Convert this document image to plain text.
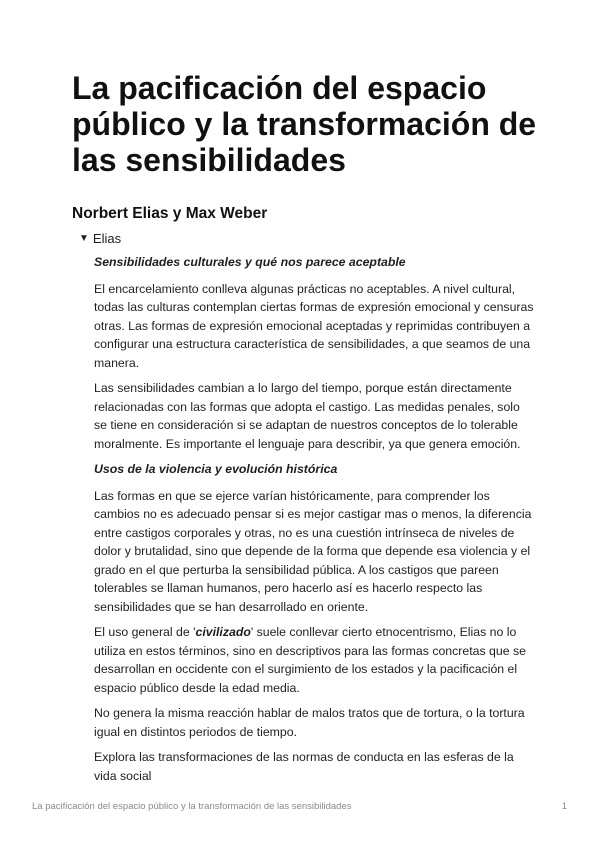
La pacificación del espacio público y la transformación de las sensibilidades
Norbert Elias y Max Weber
▼ Elias
Sensibilidades culturales y qué nos parece aceptable

El encarcelamiento conlleva algunas prácticas no aceptables. A nivel cultural, todas las culturas contemplan ciertas formas de expresión emocional y censuras otras. Las formas de expresión emocional aceptadas y reprimidas contribuyen a configurar una estructura característica de sensibilidades, a que seamos de una manera.

Las sensibilidades cambian a lo largo del tiempo, porque están directamente relacionadas con las formas que adopta el castigo. Las medidas penales, solo se tiene en consideración si se adaptan de nuestros conceptos de lo tolerable moralmente. Es importante el lenguaje para describir, ya que genera emoción.

Usos de la violencia y evolución histórica

Las formas en que se ejerce varían históricamente, para comprender los cambios no es adecuado pensar si es mejor castigar mas o menos, la diferencia entre castigos corporales y otras, no es una cuestión intrínseca de niveles de dolor y brutalidad, sino que depende de la forma que depende esa violencia y el grado en el que perturba la sensibilidad pública. A los castigos que pareen tolerables se llaman humanos, pero hacerlo así es hacerlo respecto las sensibilidades que se han desarrollado en oriente.

El uso general de 'civilizado' suele conllevar cierto etnocentrismo, Elias no lo utiliza en estos términos, sino en descriptivos para las formas concretas que se desarrollan en occidente con el surgimiento de los estados y la pacificación el espacio público desde la edad media.

No genera la misma reacción hablar de malos tratos que de tortura, o la tortura igual en distintos periodos de tiempo.

Explora las transformaciones de las normas de conducta en las esferas de la vida social

La pacificación del espacio público y la transformación de las sensibilidades	1
